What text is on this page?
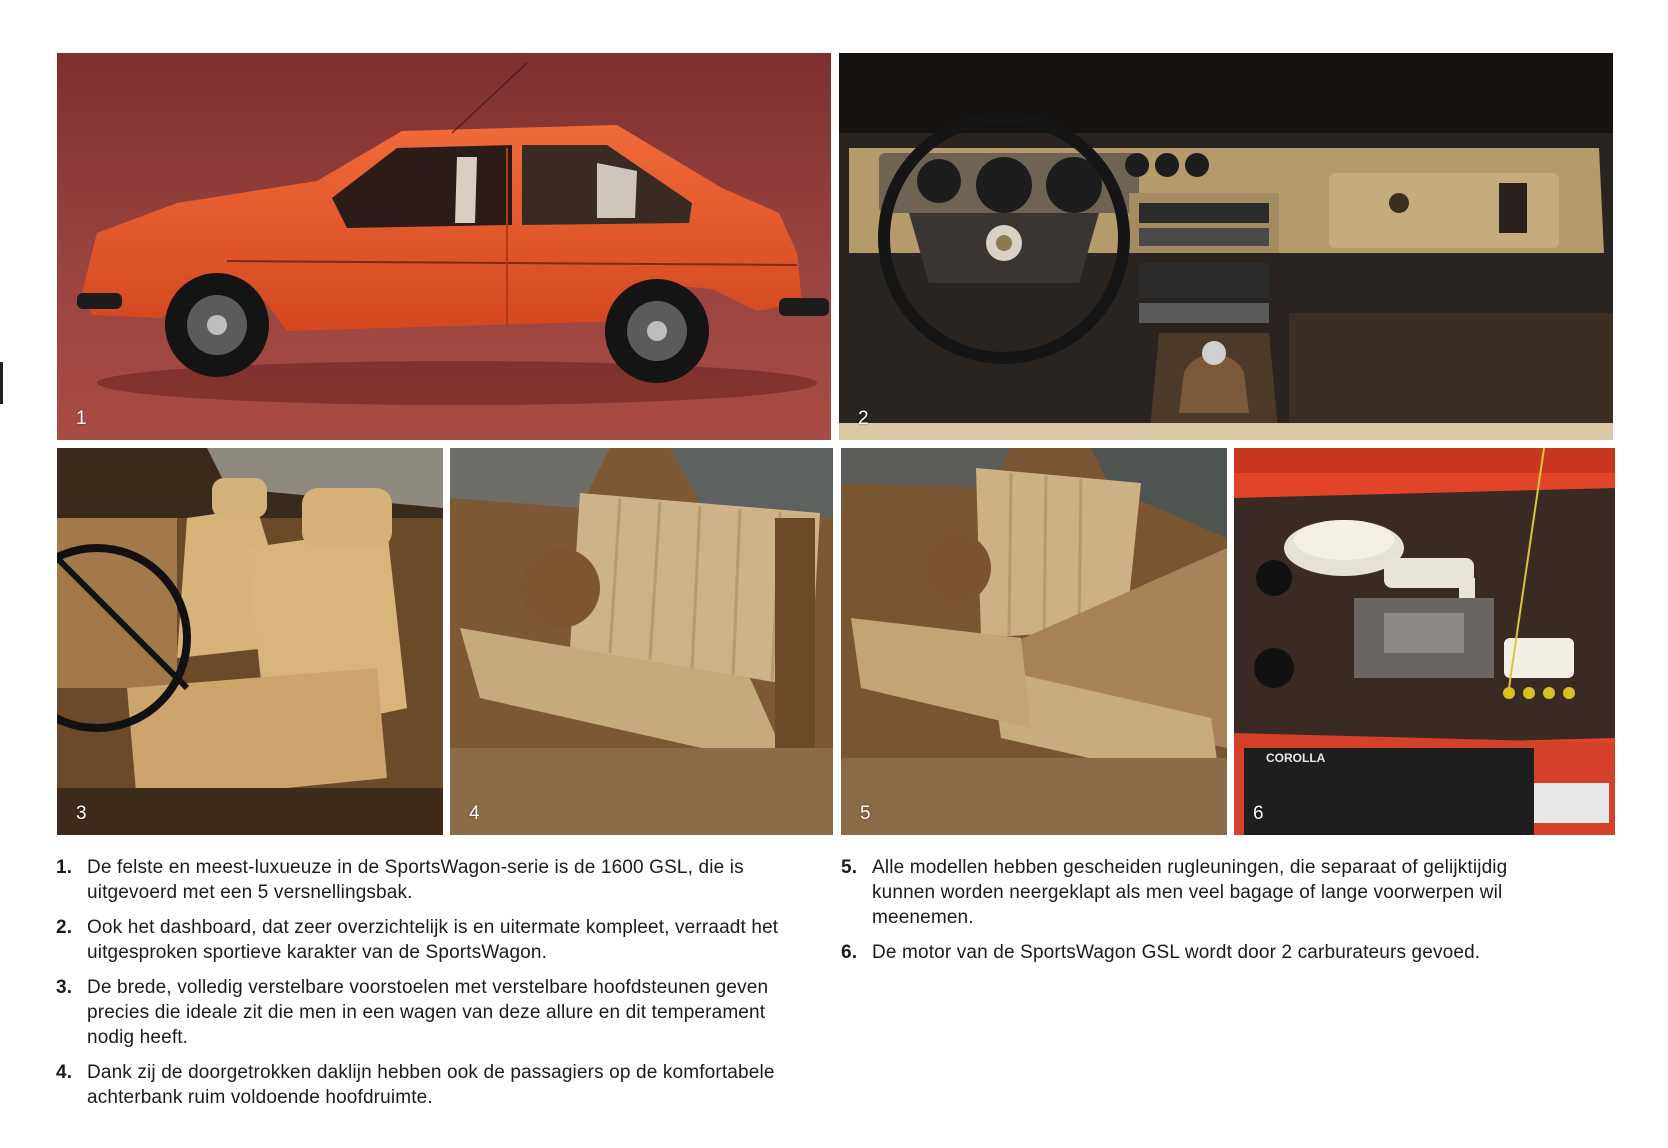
1	2
3	4	5
COROLLA
6
1. De felste en meest-luxueuze in de SportsWagon-serie is de 1600 GSL, die is uitgevoerd met een 5 versnellingsbak.
2. Ook het dashboard, dat zeer overzichtelijk is en uitermate kompleet, verraadt het uitgesproken sportieve karakter van de SportsWagon.
3. De brede, volledig verstelbare voorstoelen met verstelbare hoofdsteunen geven precies die ideale zit die men in een wagen van deze allure en dit temperament nodig heeft.
4. Dank zij de doorgetrokken daklijn hebben ook de passagiers op de komfortabele achterbank ruim voldoende hoofdruimte.
5. Alle modellen hebben gescheiden rugleuningen, die separaat of gelijktijdig kunnen worden neergeklapt als men veel bagage of lange voorwerpen wil meenemen.
6. De motor van de SportsWagon GSL wordt door 2 carburateurs gevoed.
